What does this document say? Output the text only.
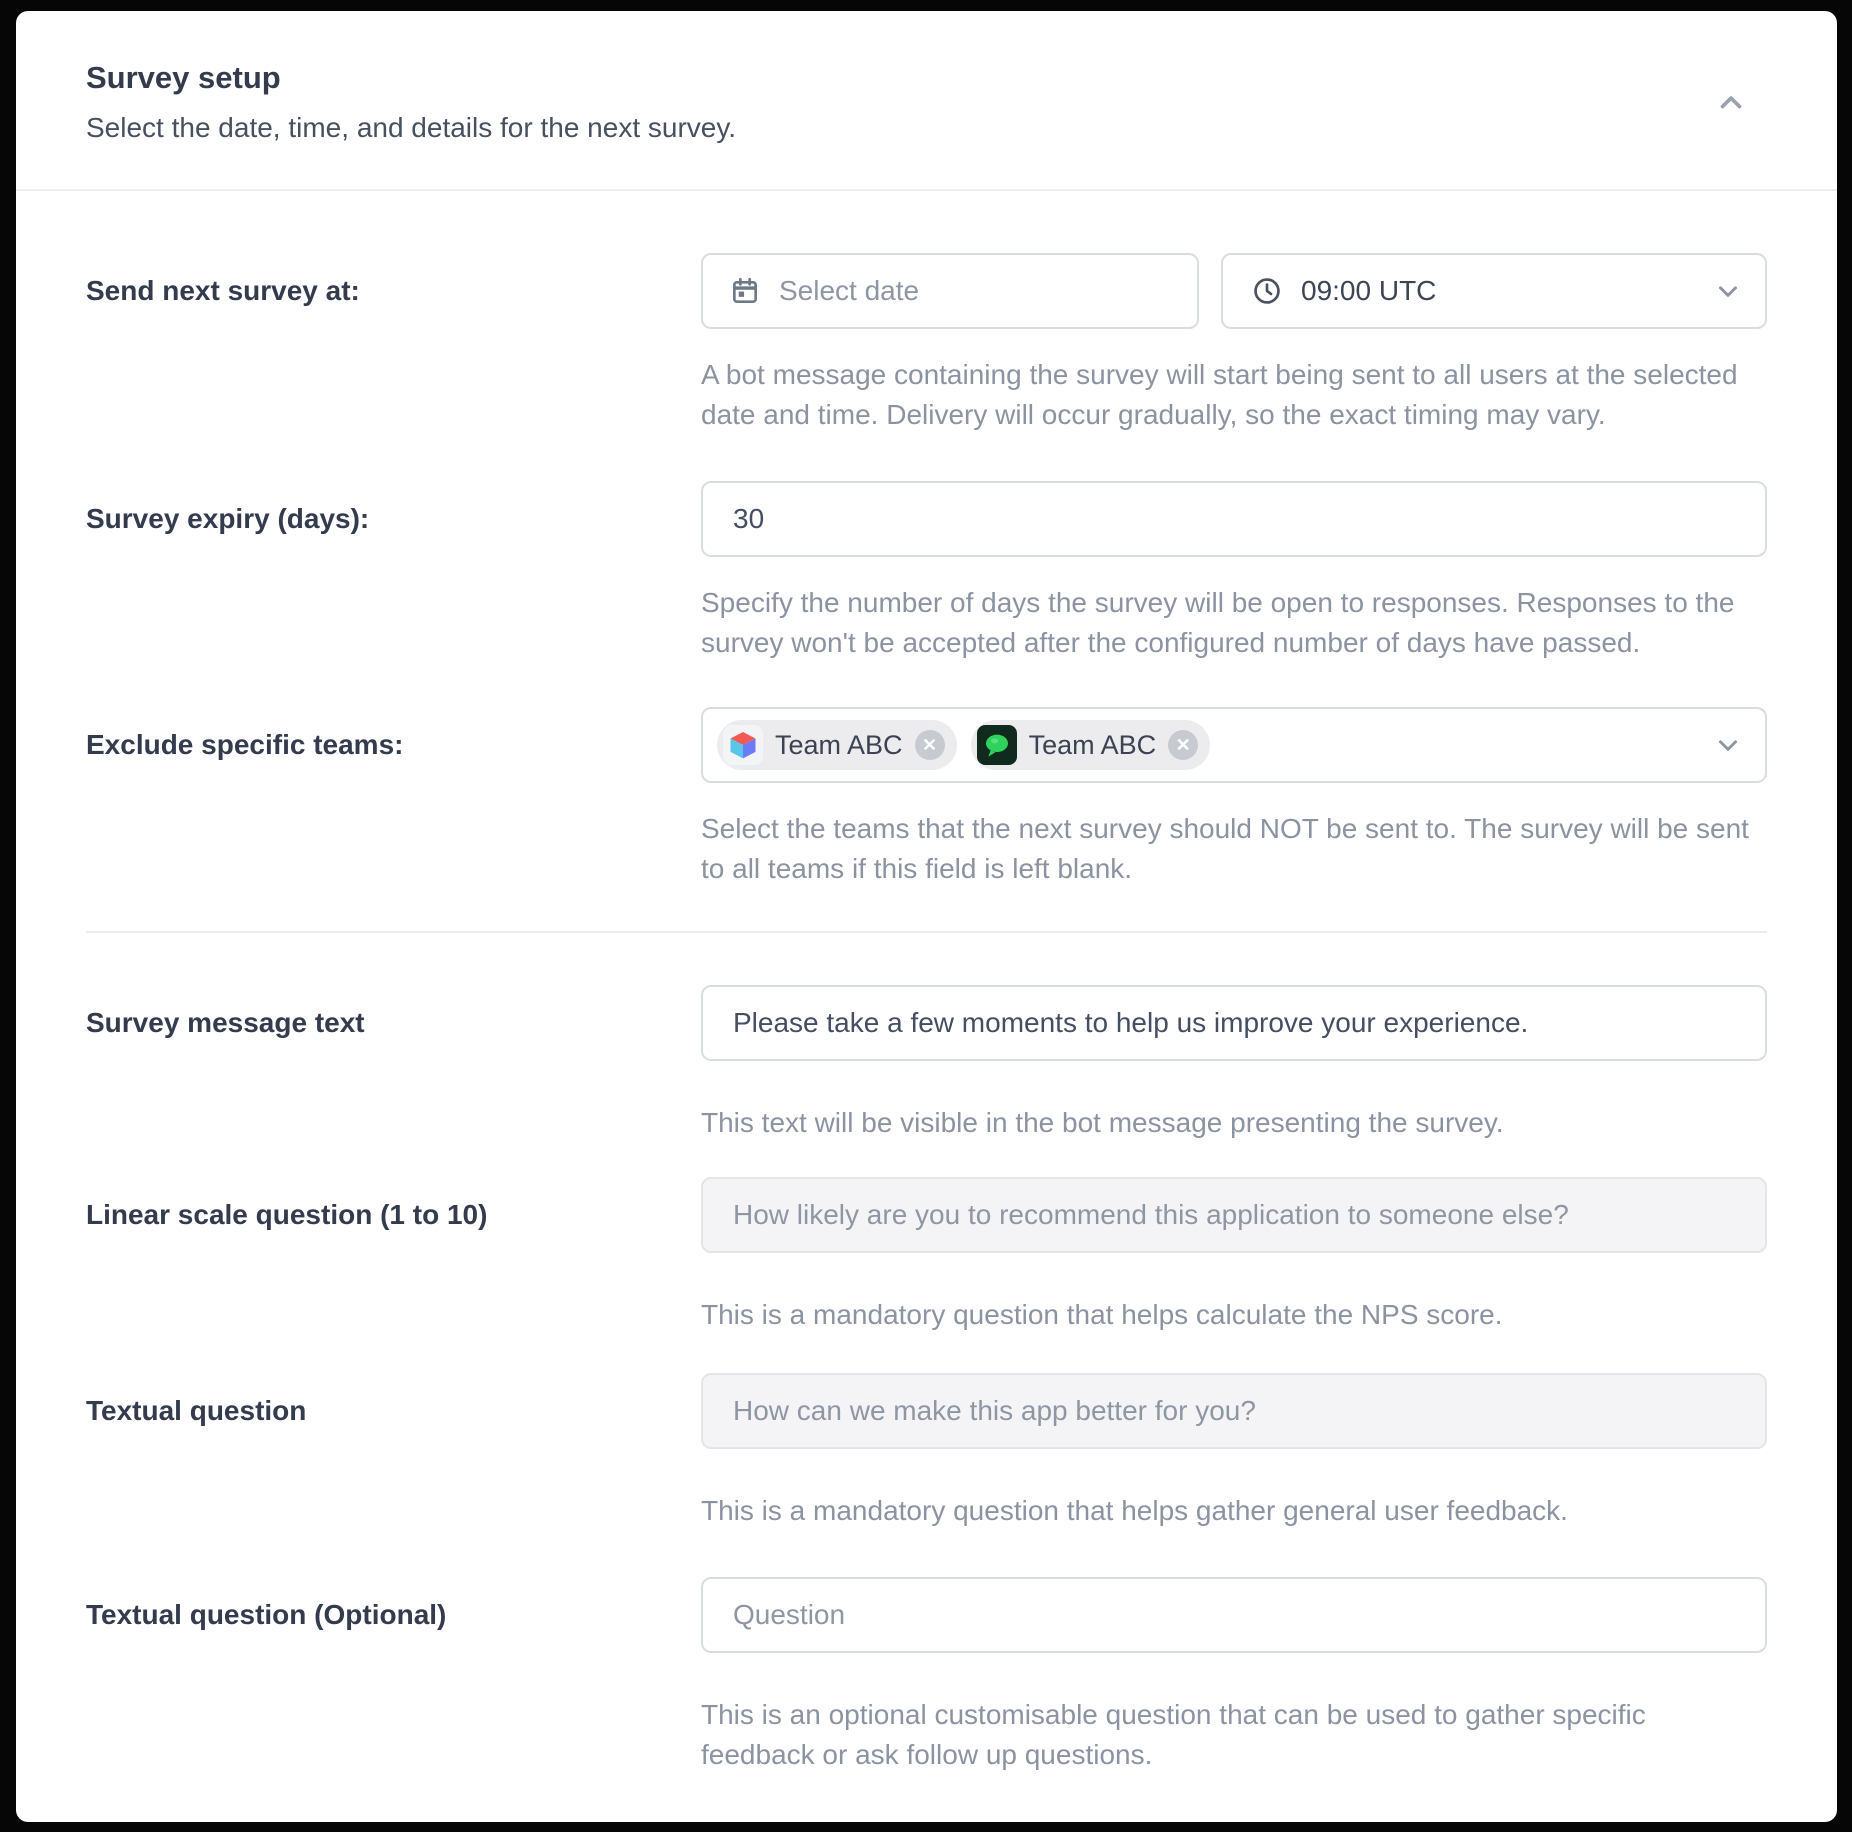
Survey setup
Select the date, time, and details for the next survey.
Send next survey at:	Select date	09:00 UTC

A bot message containing the survey will start being sent to all users at the selected date and time. Delivery will occur gradually, so the exact timing may vary.

Survey expiry (days):
30

Specify the number of days the survey will be open to responses. Responses to the survey won't be accepted after the configured number of days have passed.

Exclude specific teams:	Team ABC ✕	Team ABC ✕

Select the teams that the next survey should NOT be sent to. The survey will be sent to all teams if this field is left blank.

Survey message text
Please take a few moments to help us improve your experience.

This text will be visible in the bot message presenting the survey.

Linear scale question (1 to 10)
How likely are you to recommend this application to someone else?

This is a mandatory question that helps calculate the NPS score.

Textual question
How can we make this app better for you?

This is a mandatory question that helps gather general user feedback.

Textual question (Optional)
Question

This is an optional customisable question that can be used to gather specific feedback or ask follow up questions.
